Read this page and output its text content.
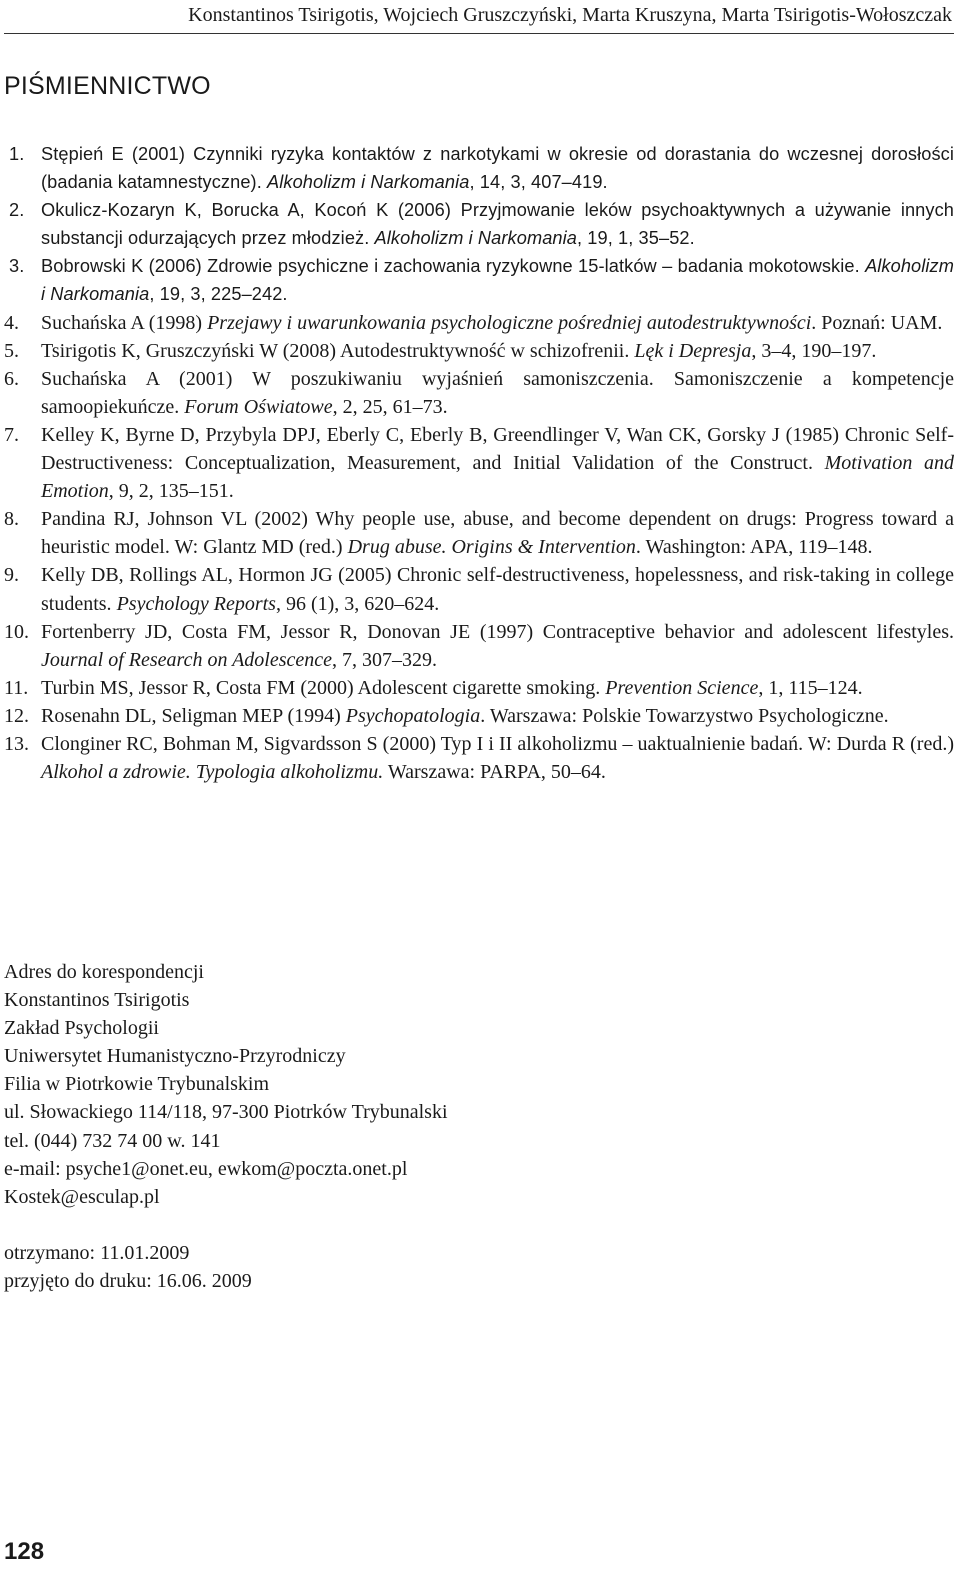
Konstantinos Tsirigotis, Wojciech Gruszczyński, Marta Kruszyna, Marta Tsirigotis-Wołoszczak
PIŚMIENNICTWO
1. Stępień E (2001) Czynniki ryzyka kontaktów z narkotykami w okresie od dorastania do wczesnej dorosłości (badania katamnestyczne). Alkoholizm i Narkomania, 14, 3, 407–419.
2. Okulicz-Kozaryn K, Borucka A, Kocoń K (2006) Przyjmowanie leków psychoaktywnych a używanie innych substancji odurzających przez młodzież. Alkoholizm i Narkomania, 19, 1, 35–52.
3. Bobrowski K (2006) Zdrowie psychiczne i zachowania ryzykowne 15-latków – badania mokotowskie. Alkoholizm i Narkomania, 19, 3, 225–242.
4. Suchańska A (1998) Przejawy i uwarunkowania psychologiczne pośredniej autodestruktywności. Poznań: UAM.
5. Tsirigotis K, Gruszczyński W (2008) Autodestruktywność w schizofrenii. Lęk i Depresja, 3–4, 190–197.
6. Suchańska A (2001) W poszukiwaniu wyjaśnień samoniszczenia. Samoniszczenie a kompetencje samoopiekuńcze. Forum Oświatowe, 2, 25, 61–73.
7. Kelley K, Byrne D, Przybyla DPJ, Eberly C, Eberly B, Greendlinger V, Wan CK, Gorsky J (1985) Chronic Self-Destructiveness: Conceptualization, Measurement, and Initial Validation of the Construct. Motivation and Emotion, 9, 2, 135–151.
8. Pandina RJ, Johnson VL (2002) Why people use, abuse, and become dependent on drugs: Progress toward a heuristic model. W: Glantz MD (red.) Drug abuse. Origins & Intervention. Washington: APA, 119–148.
9. Kelly DB, Rollings AL, Hormon JG (2005) Chronic self-destructiveness, hopelessness, and risk-taking in college students. Psychology Reports, 96 (1), 3, 620–624.
10. Fortenberry JD, Costa FM, Jessor R, Donovan JE (1997) Contraceptive behavior and adolescent lifestyles. Journal of Research on Adolescence, 7, 307–329.
11. Turbin MS, Jessor R, Costa FM (2000) Adolescent cigarette smoking. Prevention Science, 1, 115–124.
12. Rosenahn DL, Seligman MEP (1994) Psychopatologia. Warszawa: Polskie Towarzystwo Psychologiczne.
13. Clonginer RC, Bohman M, Sigvardsson S (2000) Typ I i II alkoholizmu – uaktualnienie badań. W: Durda R (red.) Alkohol a zdrowie. Typologia alkoholizmu. Warszawa: PARPA, 50–64.
Adres do korespondencji
Konstantinos Tsirigotis
Zakład Psychologii
Uniwersytet Humanistyczno-Przyrodniczy
Filia w Piotrkowie Trybunalskim
ul. Słowackiego 114/118, 97-300 Piotrków Trybunalski
tel. (044) 732 74 00 w. 141
e-mail: psyche1@onet.eu, ewkom@poczta.onet.pl
Kostek@esculap.pl
otrzymano: 11.01.2009
przyjęto do druku: 16.06. 2009
128
